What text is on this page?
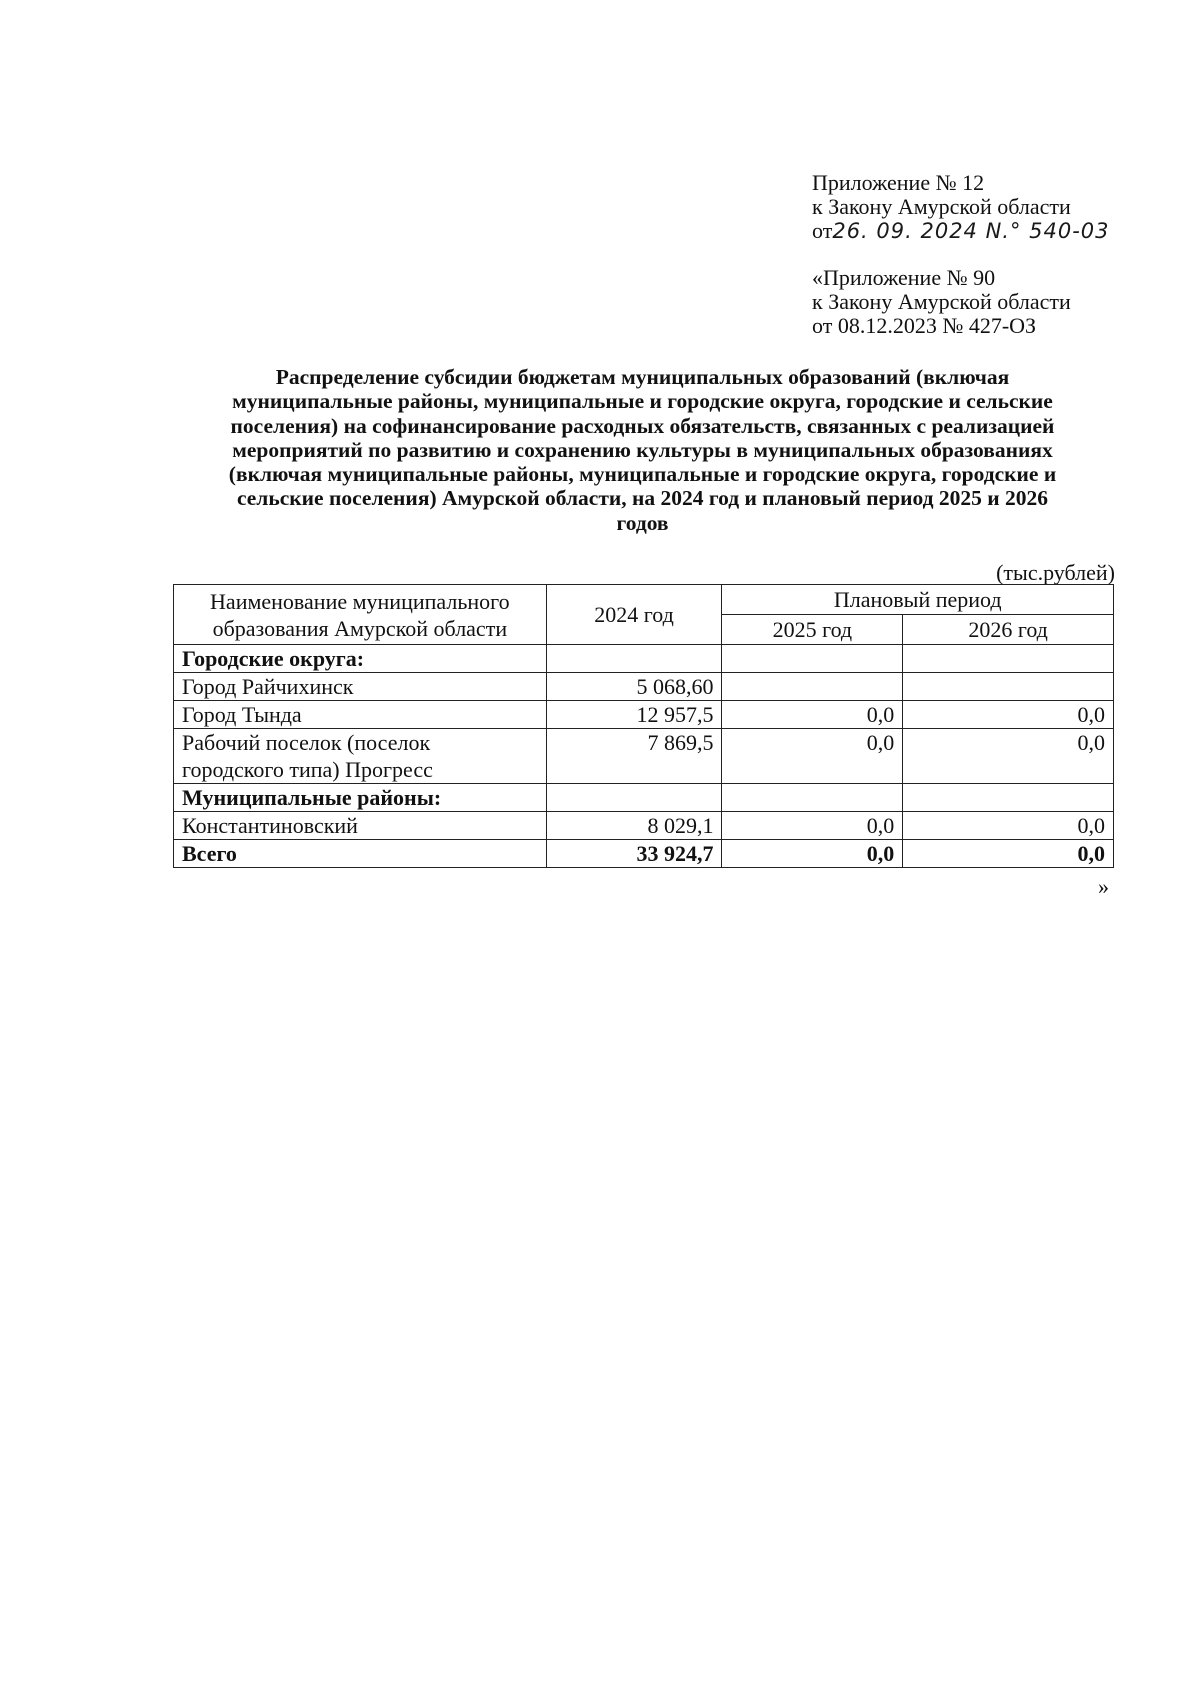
Приложение № 12
к Закону Амурской области
от26. 09. 2024 N.° 540-03
«Приложение № 90
к Закону Амурской области
от 08.12.2023 № 427-ОЗ
Распределение субсидии бюджетам муниципальных образований (включая
муниципальные районы, муниципальные и городские округа, городские и сельские
поселения) на софинансирование расходных обязательств, связанных с реализацией
мероприятий по развитию и сохранению культуры в муниципальных образованиях
(включая муниципальные районы, муниципальные и городские округа, городские и
сельские поселения) Амурской области, на 2024 год и плановый период 2025 и 2026
годов
(тыс.рублей)
Наименование муниципального
образования Амурской области	2024 год	Плановый период	
		2025 год	2026 год
Городские округа:			
Город Райчихинск	5 068,60		
Город Тында	12 957,5	0,0	0,0

Рабочий поселок (поселок
городского типа) Прогресс	7 869,5	0,0	0,0
Муниципальные районы:			
Константиновский	8 029,1	0,0	0,0
Всего	33 924,7	0,0	0,0
»
